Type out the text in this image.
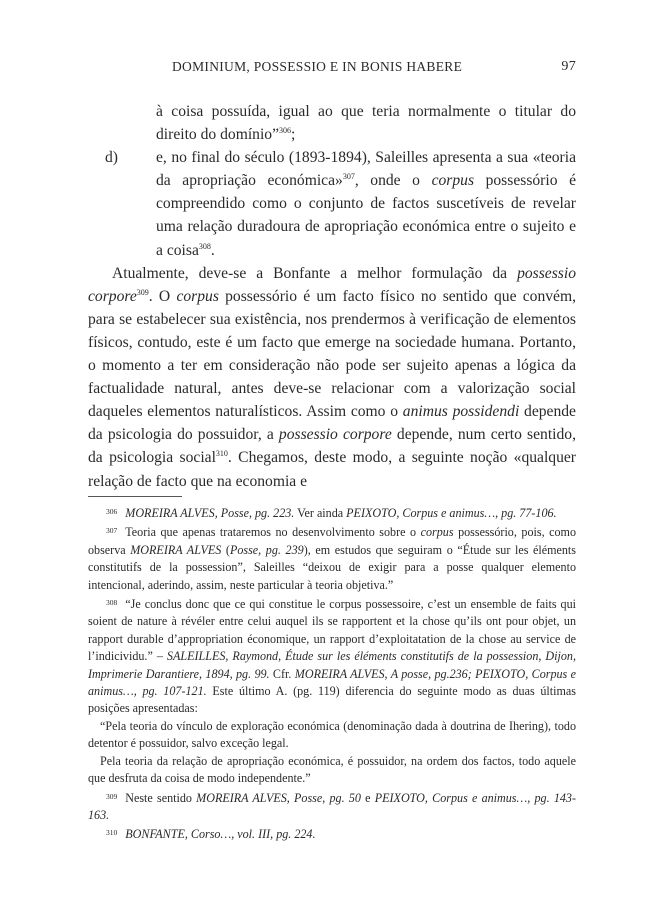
DOMINIUM, POSSESSIO E IN BONIS HABERE	97

à coisa possuída, igual ao que teria normalmente o titular do direito do domínio”$^{306}$;

d) e, no final do século (1893-1894), Saleilles apresenta a sua «teoria da apropriação económica»$^{307}$, onde o corpus possessório é compreendido como o conjunto de factos suscetíveis de revelar uma relação duradoura de apropriação económica entre o sujeito e a coisa$^{308}$.

Atualmente, deve-se a Bonfante a melhor formulação da possessio corpore$^{309}$. O corpus possessório é um facto físico no sentido que convém, para se estabelecer sua existência, nos prendermos à verificação de elementos físicos, contudo, este é um facto que emerge na sociedade humana. Portanto, o momento a ter em consideração não pode ser sujeito apenas a lógica da factualidade natural, antes deve-se relacionar com a valorização social daqueles elementos naturalísticos. Assim como o animus possidendi depende da psicologia do possuidor, a possessio corpore depende, num certo sentido, da psicologia social$^{310}$. Chegamos, deste modo, a seguinte noção «qualquer relação de facto que na economia e

$^{306}$ MOREIRA ALVES, Posse, pg. 223. Ver ainda PEIXOTO, Corpus e animus…, pg. 77-106.

$^{307}$ Teoria que apenas trataremos no desenvolvimento sobre o corpus possessório, pois, como observa MOREIRA ALVES (Posse, pg. 239), em estudos que seguiram o “Étude sur les éléments constitutifs de la possession”, Saleilles “deixou de exigir para a posse qualquer elemento intencional, aderindo, assim, neste particular à teoria objetiva.”

$^{308}$ “Je conclus donc que ce qui constitue le corpus possessoire, c’est un ensemble de faits qui soient de nature à révéler entre celui auquel ils se rapportent et la chose qu’ils ont pour objet, un rapport durable d’appropriation économique, un rapport d’exploitatation de la chose au service de l’indicividu.” – SALEILLES, Raymond, Étude sur les éléments constitutifs de la possession, Dijon, Imprimerie Darantiere, 1894, pg. 99. Cfr. MOREIRA ALVES, A posse, pg.236; PEIXOTO, Corpus e animus…, pg. 107-121. Este último A. (pg. 119) diferencia do seguinte modo as duas últimas posições apresentadas:

“Pela teoria do vínculo de exploração económica (denominação dada à doutrina de Ihering), todo detentor é possuidor, salvo exceção legal.

Pela teoria da relação de apropriação económica, é possuidor, na ordem dos factos, todo aquele que desfruta da coisa de modo independente.”

$^{309}$ Neste sentido MOREIRA ALVES, Posse, pg. 50 e PEIXOTO, Corpus e animus…, pg. 143-163.

$^{310}$ BONFANTE, Corso…, vol. III, pg. 224.
